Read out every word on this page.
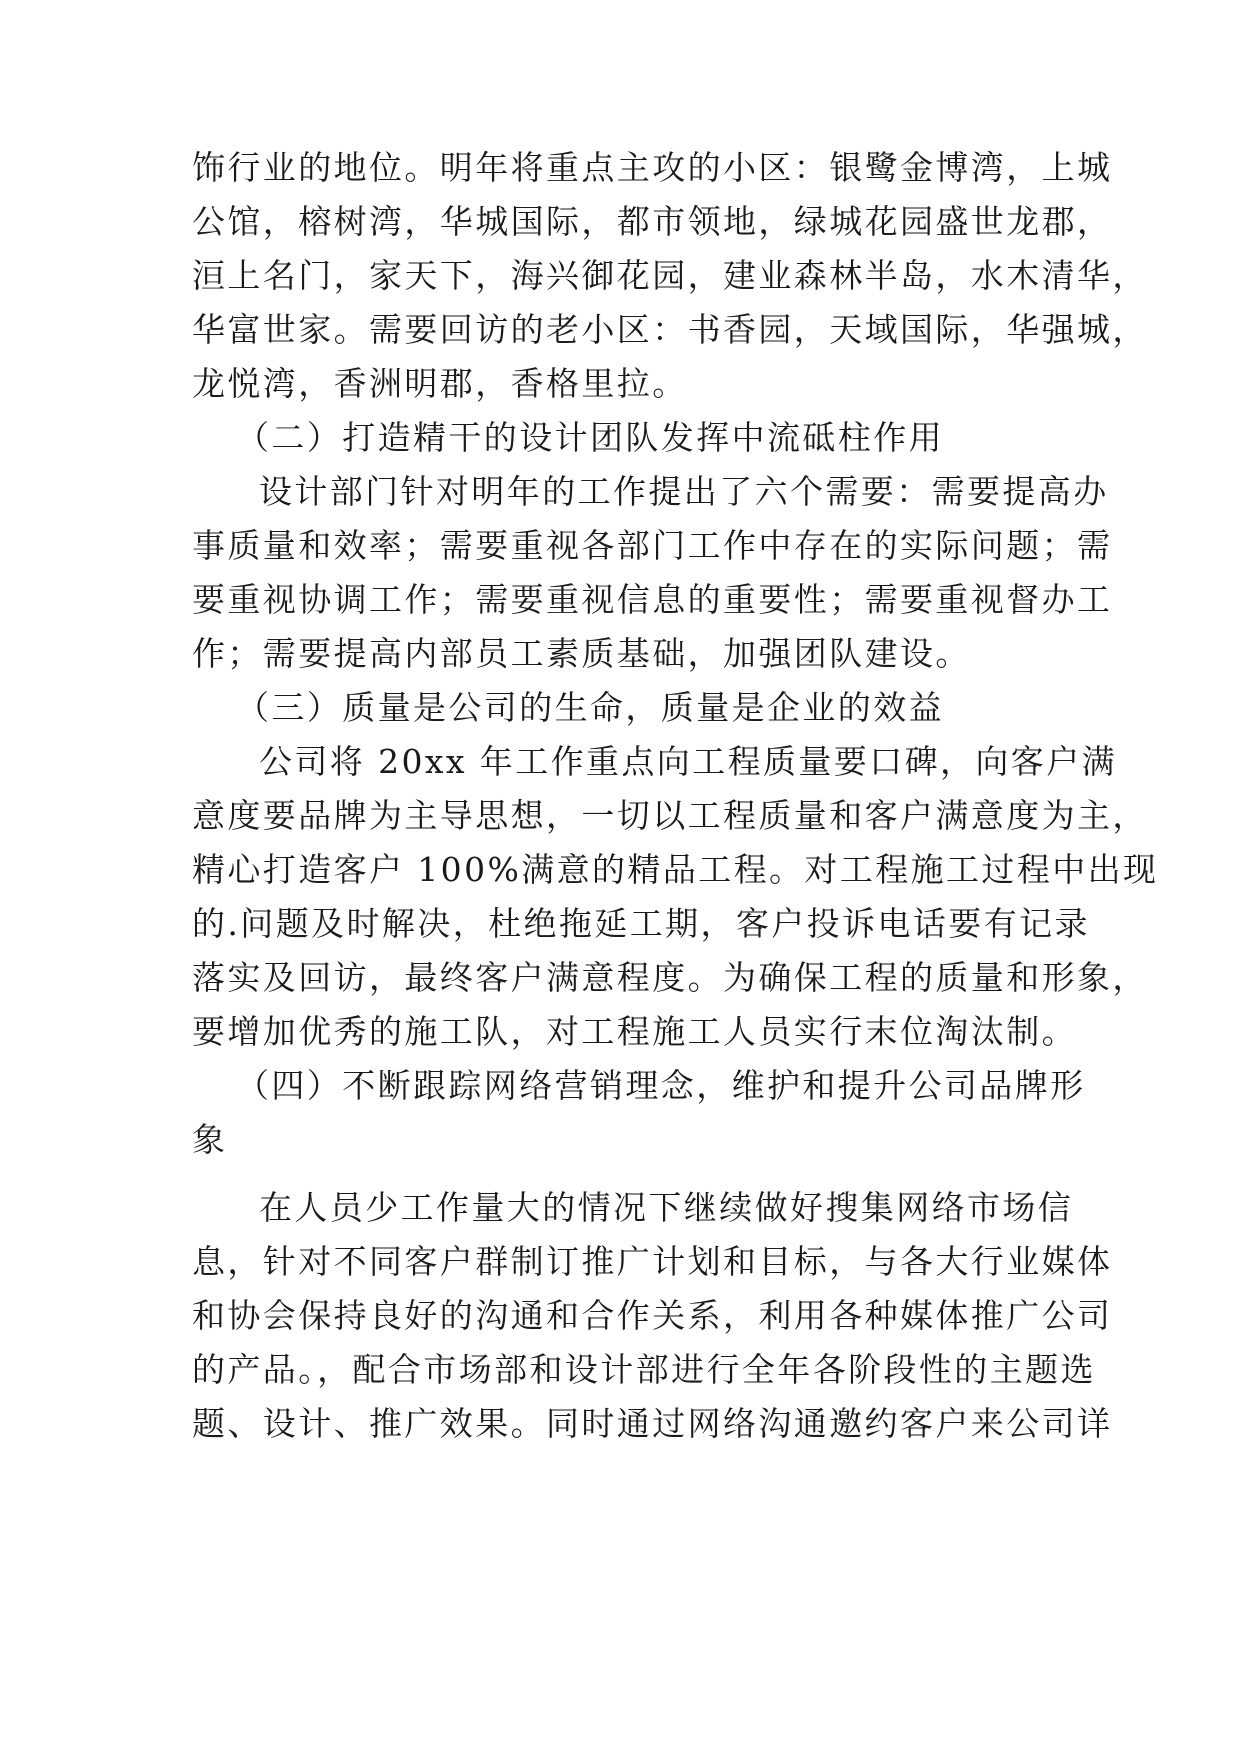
饰行业的地位。明年将重点主攻的小区：银鹭金博湾，上城
公馆，榕树湾，华城国际，都市领地，绿城花园盛世龙郡，
洹上名门，家天下，海兴御花园，建业森林半岛，水木清华，
华富世家。需要回访的老小区：书香园，天域国际，华强城，
龙悦湾，香洲明郡，香格里拉。
（二）打造精干的设计团队发挥中流砥柱作用
设计部门针对明年的工作提出了六个需要：需要提高办
事质量和效率；需要重视各部门工作中存在的实际问题；需
要重视协调工作；需要重视信息的重要性；需要重视督办工
作；需要提高内部员工素质基础，加强团队建设。
（三）质量是公司的生命，质量是企业的效益
公司将 20xx 年工作重点向工程质量要口碑，向客户满
意度要品牌为主导思想，一切以工程质量和客户满意度为主，
精心打造客户 100%满意的精品工程。对工程施工过程中出现
的.问题及时解决，杜绝拖延工期，客户投诉电话要有记录
落实及回访，最终客户满意程度。为确保工程的质量和形象，
要增加优秀的施工队，对工程施工人员实行末位淘汰制。
（四）不断跟踪网络营销理念，维护和提升公司品牌形
象
在人员少工作量大的情况下继续做好搜集网络市场信
息，针对不同客户群制订推广计划和目标，与各大行业媒体
和协会保持良好的沟通和合作关系，利用各种媒体推广公司
的产品。，配合市场部和设计部进行全年各阶段性的主题选
题、设计、推广效果。同时通过网络沟通邀约客户来公司详
